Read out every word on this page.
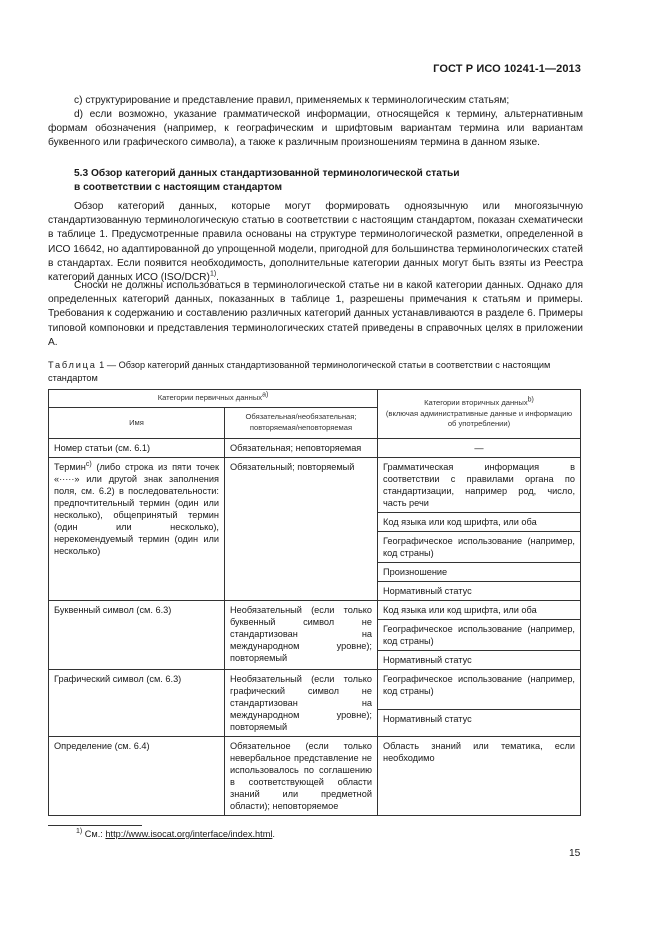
ГОСТ Р ИСО 10241-1—2013

c) структурирование и представление правил, применяемых к терминологическим статьям;

d) если возможно, указание грамматической информации, относящейся к термину, альтернативным формам обозначения (например, к географическим и шрифтовым вариантам термина или вариантам буквенного или графического символа), а также к различным произношениям термина в данном языке.

5.3 Обзор категорий данных стандартизованной терминологической статьи
в соответствии с настоящим стандартом

Обзор категорий данных, которые могут формировать одноязычную или многоязычную стандартизованную терминологическую статью в соответствии с настоящим стандартом, показан схематически в таблице 1. Предусмотренные правила основаны на структуре терминологической разметки, определенной в ИСО 16642, но адаптированной до упрощенной модели, пригодной для большинства терминологических статей в стандартах. Если появится необходимость, дополнительные категории данных могут быть взяты из Реестра категорий данных ИСО $(ISO/DCR)^{1)}$.

Сноски не должны использоваться в терминологической статье ни в какой категории данных. Однако для определенных категорий данных, показанных в таблице 1, разрешены примечания к статьям и примеры. Требования к содержанию и составлению различных категорий данных устанавливаются в разделе 6. Примеры типовой компоновки и представления терминологических статей приведены в справочных целях в приложении А.

Таблица 1 — Обзор категорий данных стандартизованной терминологической статьи в соответствии с настоящим стандартом

Категории первичных данных$^{a)}$		Категории вторичных данных$^{b)}$
(включая административные данные и информацию об употреблении)

Имя	Обязательная/необязательная; повторяемая/неповторяемая	
Номер статьи (см. 6.1)	Обязательная; неповторяемая	—
Термин$^{c)}$ (либо строка из пяти точек «·····» или другой знак заполнения поля, см. 6.2) в последовательности: предпочтительный термин (один или несколько), общепринятый термин (один или несколько), нерекомендуемый термин (один или несколько)	Обязательный; повторяемый	Грамматическая информация в соответствии с правилами органа по стандартизации, например род, число, часть речи
		Код языка или код шрифта, или оба
		Географическое использование (например, код страны)
		Произношение
		Нормативный статус
Буквенный символ (см. 6.3)	Необязательный (если только буквенный символ не стандартизован на международном уровне); повторяемый	Код языка или код шрифта, или оба
		Географическое использование (например, код страны)
		Нормативный статус
Графический символ (см. 6.3)	Необязательный (если только графический символ не стандартизован на международном уровне); повторяемый	Географическое использование (например, код страны)
		Нормативный статус
Определение (см. 6.4)	Обязательное (если только невербальное представление не использовалось по соглашению в соответствующей области знаний или предметной области); неповторяемое	Область знаний или тематика, если необходимо
$^{1)}$ См.: http://www.isocat.org/interface/index.html.
15
